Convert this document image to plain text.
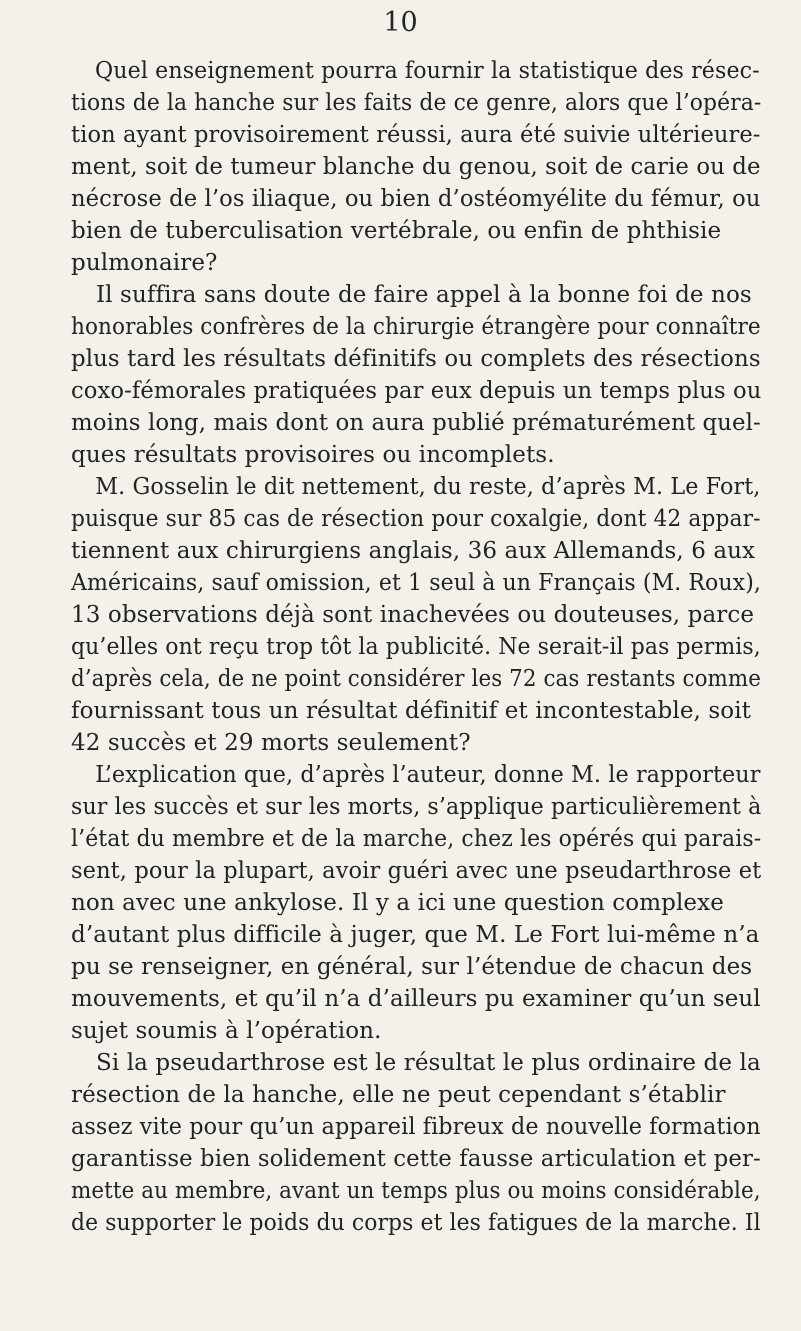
10
Quel enseignement pourra fournir la statistique des résec-
tions de la hanche sur les faits de ce genre, alors que l’opéra-
tion ayant provisoirement réussi, aura été suivie ultérieure-
ment, soit de tumeur blanche du genou, soit de carie ou de
nécrose de l’os iliaque, ou bien d’ostéomyélite du fémur, ou
bien de tuberculisation vertébrale, ou enfin de phthisie
pulmonaire?
Il suffira sans doute de faire appel à la bonne foi de nos
honorables confrères de la chirurgie étrangère pour connaître
plus tard les résultats définitifs ou complets des résections
coxo-fémorales pratiquées par eux depuis un temps plus ou
moins long, mais dont on aura publié prématurément quel-
ques résultats provisoires ou incomplets.
M. Gosselin le dit nettement, du reste, d’après M. Le Fort,
puisque sur 85 cas de résection pour coxalgie, dont 42 appar-
tiennent aux chirurgiens anglais, 36 aux Allemands, 6 aux
Américains, sauf omission, et 1 seul à un Français (M. Roux),
13 observations déjà sont inachevées ou douteuses, parce
qu’elles ont reçu trop tôt la publicité. Ne serait-il pas permis,
d’après cela, de ne point considérer les 72 cas restants comme
fournissant tous un résultat définitif et incontestable, soit
42 succès et 29 morts seulement?
L’explication que, d’après l’auteur, donne M. le rapporteur
sur les succès et sur les morts, s’applique particulièrement à
l’état du membre et de la marche, chez les opérés qui parais-
sent, pour la plupart, avoir guéri avec une pseudarthrose et
non avec une ankylose. Il y a ici une question complexe
d’autant plus difficile à juger, que M. Le Fort lui-même n’a
pu se renseigner, en général, sur l’étendue de chacun des
mouvements, et qu’il n’a d’ailleurs pu examiner qu’un seul
sujet soumis à l’opération.
Si la pseudarthrose est le résultat le plus ordinaire de la
résection de la hanche, elle ne peut cependant s’établir
assez vite pour qu’un appareil fibreux de nouvelle formation
garantisse bien solidement cette fausse articulation et per-
mette au membre, avant un temps plus ou moins considérable,
de supporter le poids du corps et les fatigues de la marche. Il
